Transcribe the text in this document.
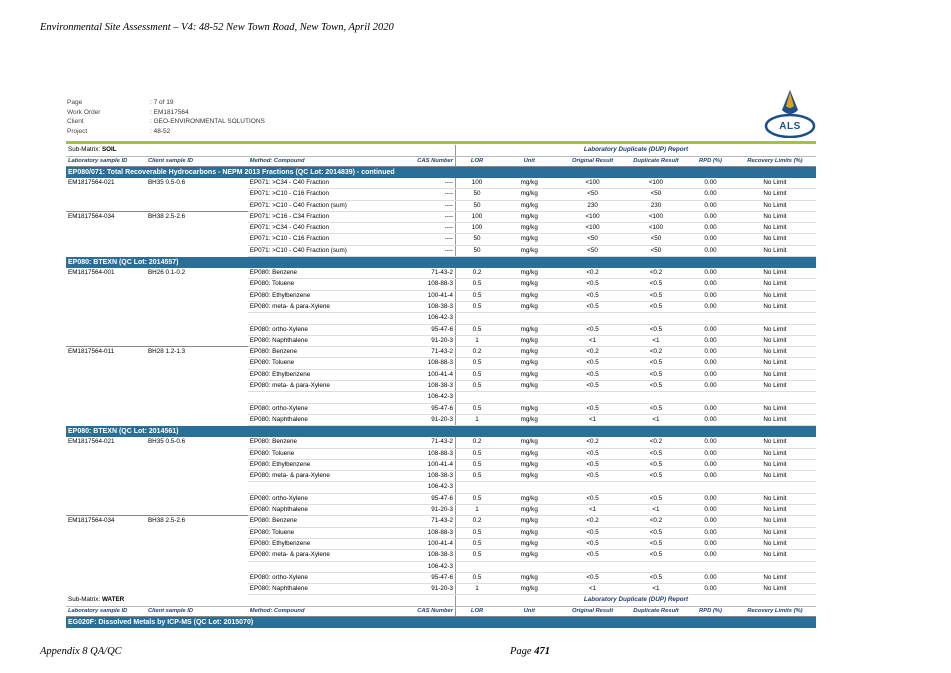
Environmental Site Assessment – V4: 48-52 New Town Road, New Town, April 2020
Page	: 7 of 19
Work Order	: EM1817564
Client	: GEO-ENVIRONMENTAL SOLUTIONS
Project	: 48-52	ALS
Sub-Matrix: SOIL				Laboratory Duplicate (DUP) Report					
Laboratory sample ID	Client sample ID	Method: Compound	CAS Number	LOR	Unit	Original Result	Duplicate Result	RPD (%)	Recovery Limits (%)
EP080/071: Total Recoverable Hydrocarbons - NEPM 2013 Fractions (QC Lot: 2014839) - continued									
EM1817564-021	BH35 0.5-0.6	EP071: >C34 - C40 Fraction	----	100	mg/kg	<100	<100	0.00	No Limit
		EP071: >C10 - C16 Fraction	----	50	mg/kg	<50	<50	0.00	No Limit
		EP071: >C10 - C40 Fraction (sum)	----	50	mg/kg	230	230	0.00	No Limit
EM1817564-034	BH38 2.5-2.6	EP071: >C16 - C34 Fraction	----	100	mg/kg	<100	<100	0.00	No Limit
		EP071: >C34 - C40 Fraction	----	100	mg/kg	<100	<100	0.00	No Limit
		EP071: >C10 - C16 Fraction	----	50	mg/kg	<50	<50	0.00	No Limit
		EP071: >C10 - C40 Fraction (sum)	----	50	mg/kg	<50	<50	0.00	No Limit
EP080: BTEXN (QC Lot: 2014557)									
EM1817564-001	BH26 0.1-0.2	EP080: Benzene	71-43-2	0.2	mg/kg	<0.2	<0.2	0.00	No Limit
		EP080: Toluene	108-88-3	0.5	mg/kg	<0.5	<0.5	0.00	No Limit
		EP080: Ethylbenzene	100-41-4	0.5	mg/kg	<0.5	<0.5	0.00	No Limit
		EP080: meta- & para-Xylene	108-38-3	0.5	mg/kg	<0.5	<0.5	0.00	No Limit
			106-42-3						
		EP080: ortho-Xylene	95-47-6	0.5	mg/kg	<0.5	<0.5	0.00	No Limit
		EP080: Naphthalene	91-20-3	1	mg/kg	<1	<1	0.00	No Limit
EM1817564-011	BH28 1.2-1.3	EP080: Benzene	71-43-2	0.2	mg/kg	<0.2	<0.2	0.00	No Limit
		EP080: Toluene	108-88-3	0.5	mg/kg	<0.5	<0.5	0.00	No Limit
		EP080: Ethylbenzene	100-41-4	0.5	mg/kg	<0.5	<0.5	0.00	No Limit
		EP080: meta- & para-Xylene	108-38-3	0.5	mg/kg	<0.5	<0.5	0.00	No Limit
			106-42-3						
		EP080: ortho-Xylene	95-47-6	0.5	mg/kg	<0.5	<0.5	0.00	No Limit
		EP080: Naphthalene	91-20-3	1	mg/kg	<1	<1	0.00	No Limit
EP080: BTEXN (QC Lot: 2014561)									
EM1817564-021	BH35 0.5-0.6	EP080: Benzene	71-43-2	0.2	mg/kg	<0.2	<0.2	0.00	No Limit
		EP080: Toluene	108-88-3	0.5	mg/kg	<0.5	<0.5	0.00	No Limit
		EP080: Ethylbenzene	100-41-4	0.5	mg/kg	<0.5	<0.5	0.00	No Limit
		EP080: meta- & para-Xylene	108-38-3	0.5	mg/kg	<0.5	<0.5	0.00	No Limit
			106-42-3						
		EP080: ortho-Xylene	95-47-6	0.5	mg/kg	<0.5	<0.5	0.00	No Limit
		EP080: Naphthalene	91-20-3	1	mg/kg	<1	<1	0.00	No Limit
EM1817564-034	BH38 2.5-2.6	EP080: Benzene	71-43-2	0.2	mg/kg	<0.2	<0.2	0.00	No Limit
		EP080: Toluene	108-88-3	0.5	mg/kg	<0.5	<0.5	0.00	No Limit
		EP080: Ethylbenzene	100-41-4	0.5	mg/kg	<0.5	<0.5	0.00	No Limit
		EP080: meta- & para-Xylene	108-38-3	0.5	mg/kg	<0.5	<0.5	0.00	No Limit
			106-42-3						
		EP080: ortho-Xylene	95-47-6	0.5	mg/kg	<0.5	<0.5	0.00	No Limit
		EP080: Naphthalene	91-20-3	1	mg/kg	<1	<1	0.00	No Limit
Sub-Matrix: WATER				Laboratory Duplicate (DUP) Report					
Laboratory sample ID	Client sample ID	Method: Compound	CAS Number	LOR	Unit	Original Result	Duplicate Result	RPD (%)	Recovery Limits (%)
EG020F: Dissolved Metals by ICP-MS (QC Lot: 2015070)									
Appendix 8 QA/QC	Page 471
